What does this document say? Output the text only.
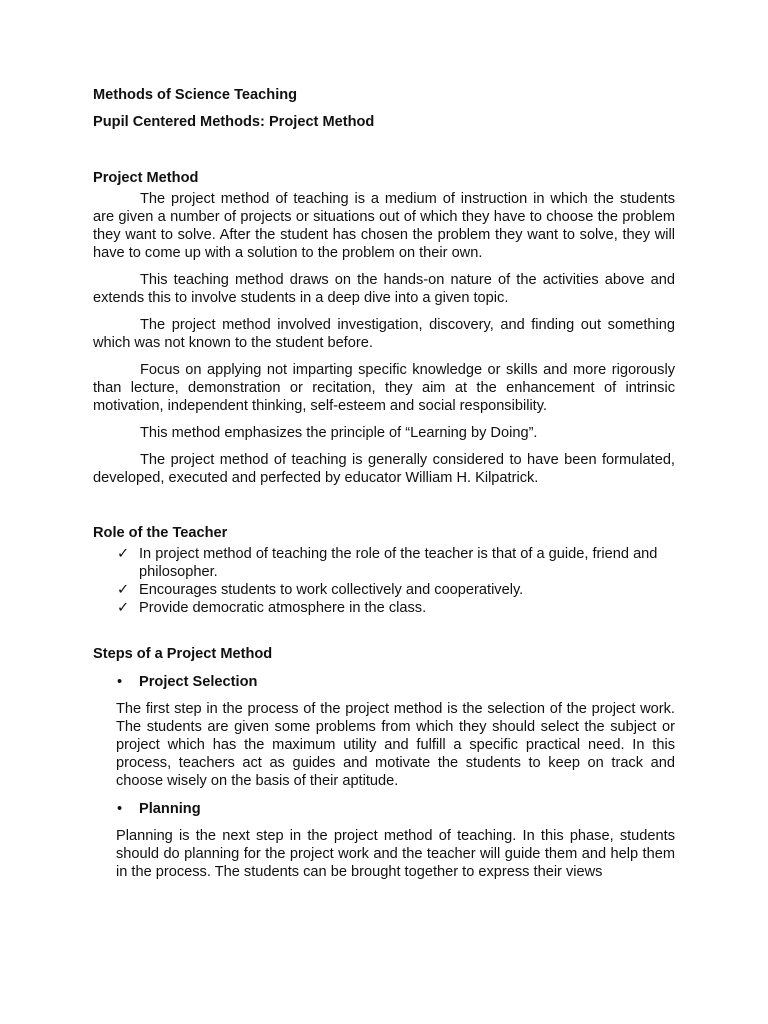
Methods of Science Teaching
Pupil Centered Methods: Project Method
Project Method

The project method of teaching is a medium of instruction in which the students are given a number of projects or situations out of which they have to choose the problem they want to solve. After the student has chosen the problem they want to solve, they will have to come up with a solution to the problem on their own.

This teaching method draws on the hands-on nature of the activities above and extends this to involve students in a deep dive into a given topic.

The project method involved investigation, discovery, and finding out something which was not known to the student before.

Focus on applying not imparting specific knowledge or skills and more rigorously than lecture, demonstration or recitation, they aim at the enhancement of intrinsic motivation, independent thinking, self-esteem and social responsibility.

This method emphasizes the principle of “Learning by Doing”.

The project method of teaching is generally considered to have been formulated, developed, executed and perfected by educator William H. Kilpatrick.

Role of the Teacher
✓ In project method of teaching the role of the teacher is that of a guide, friend and philosopher.
✓ Encourages students to work collectively and cooperatively.
✓ Provide democratic atmosphere in the class.
Steps of a Project Method
• Project Selection

The first step in the process of the project method is the selection of the project work. The students are given some problems from which they should select the subject or project which has the maximum utility and fulfill a specific practical need. In this process, teachers act as guides and motivate the students to keep on track and choose wisely on the basis of their aptitude.

• Planning

Planning is the next step in the project method of teaching. In this phase, students should do planning for the project work and the teacher will guide them and help them in the process. The students can be brought together to express their views
